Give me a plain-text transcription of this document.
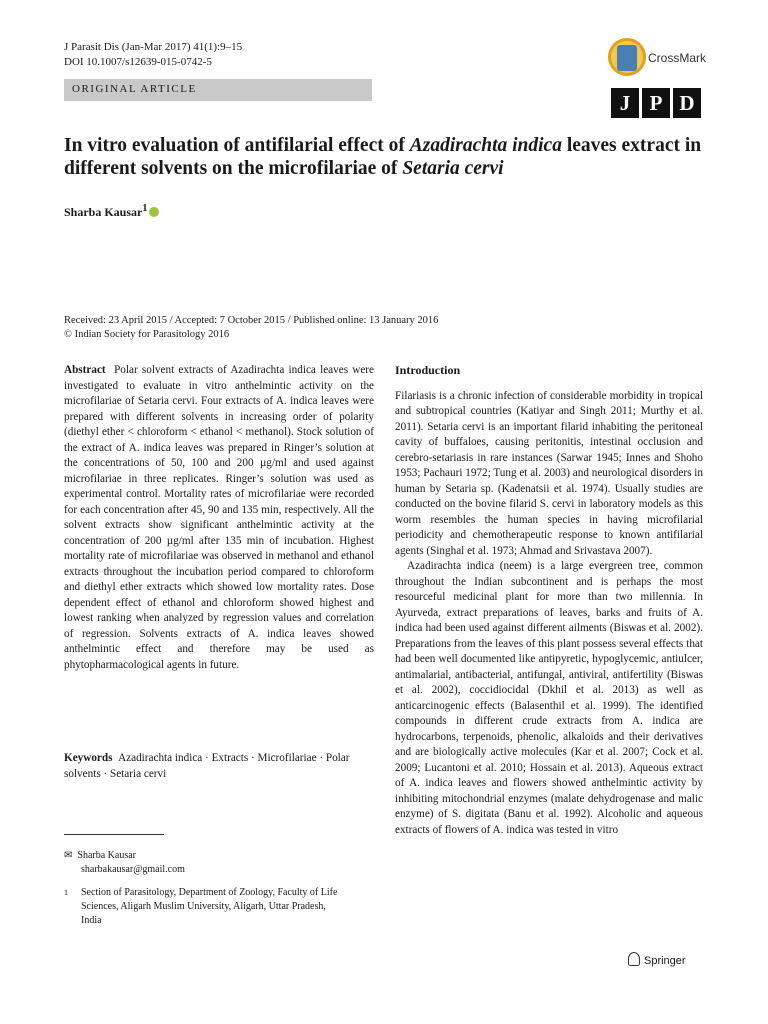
J Parasit Dis (Jan-Mar 2017) 41(1):9–15
DOI 10.1007/s12639-015-0742-5
ORIGINAL ARTICLE
CrossMark
J P D
In vitro evaluation of antifilarial effect of Azadirachta indica leaves extract in different solvents on the microfilariae of Setaria cervi
Sharba Kausar$^1$
Received: 23 April 2015 / Accepted: 7 October 2015 / Published online: 13 January 2016
© Indian Society for Parasitology 2016

Abstract Polar solvent extracts of Azadirachta indica leaves were investigated to evaluate in vitro anthelmintic activity on the microfilariae of Setaria cervi. Four extracts of A. indica leaves were prepared with different solvents in increasing order of polarity (diethyl ether < chloroform < ethanol < methanol). Stock solution of the extract of A. indica leaves was prepared in Ringer’s solution at the concentrations of 50, 100 and 200 µg/ml and used against microfilariae in three replicates. Ringer’s solution was used as experimental control. Mortality rates of microfilariae were recorded for each concentration after 45, 90 and 135 min, respectively. All the solvent extracts show significant anthelmintic activity at the concentration of 200 µg/ml after 135 min of incubation. Highest mortality rate of microfilariae was observed in methanol and ethanol extracts throughout the incubation period compared to chloroform and diethyl ether extracts which showed low mortality rates. Dose dependent effect of ethanol and chloroform showed highest and lowest ranking when analyzed by regression values and correlation of regression. Solvents extracts of A. indica leaves showed anthelmintic effect and therefore may be used as phytopharmacological agents in future.

Keywords Azadirachta indica · Extracts · Microfilariae · Polar solvents · Setaria cervi

✉ Sharba Kausar
sharbakausar@gmail.com
1	Section of Parasitology, Department of Zoology, Faculty of Life Sciences, Aligarh Muslim University, Aligarh, Uttar Pradesh, India
Introduction

Filariasis is a chronic infection of considerable morbidity in tropical and subtropical countries (Katiyar and Singh 2011; Murthy et al. 2011). Setaria cervi is an important filarid inhabiting the peritoneal cavity of buffaloes, causing peritonitis, intestinal occlusion and cerebro-setariasis in rare instances (Sarwar 1945; Innes and Shoho 1953; Pachauri 1972; Tung et al. 2003) and neurological disorders in human by Setaria sp. (Kadenatsii et al. 1974). Usually studies are conducted on the bovine filarid S. cervi in laboratory models as this worm resembles the human species in having microfilarial periodicity and chemotherapeutic response to known antifilarial agents (Singhal et al. 1973; Ahmad and Srivastava 2007).

Azadirachta indica (neem) is a large evergreen tree, common throughout the Indian subcontinent and is perhaps the most resourceful medicinal plant for more than two millennia. In Ayurveda, extract preparations of leaves, barks and fruits of A. indica had been used against different ailments (Biswas et al. 2002). Preparations from the leaves of this plant possess several effects that had been well documented like antipyretic, hypoglycemic, antiulcer, antimalarial, antibacterial, antifungal, antiviral, antifertility (Biswas et al. 2002), coccidiocidal (Dkhil et al. 2013) as well as anticarcinogenic effects (Balasenthil et al. 1999). The identified compounds in different crude extracts from A. indica are hydrocarbons, terpenoids, phenolic, alkaloids and their derivatives and are biologically active molecules (Kar et al. 2007; Cock et al. 2009; Lucantoni et al. 2010; Hossain et al. 2013). Aqueous extract of A. indica leaves and flowers showed anthelmintic activity by inhibiting mitochondrial enzymes (malate dehydrogenase and malic enzyme) of S. digitata (Banu et al. 1992). Alcoholic and aqueous extracts of flowers of A. indica was tested in vitro

Springer
